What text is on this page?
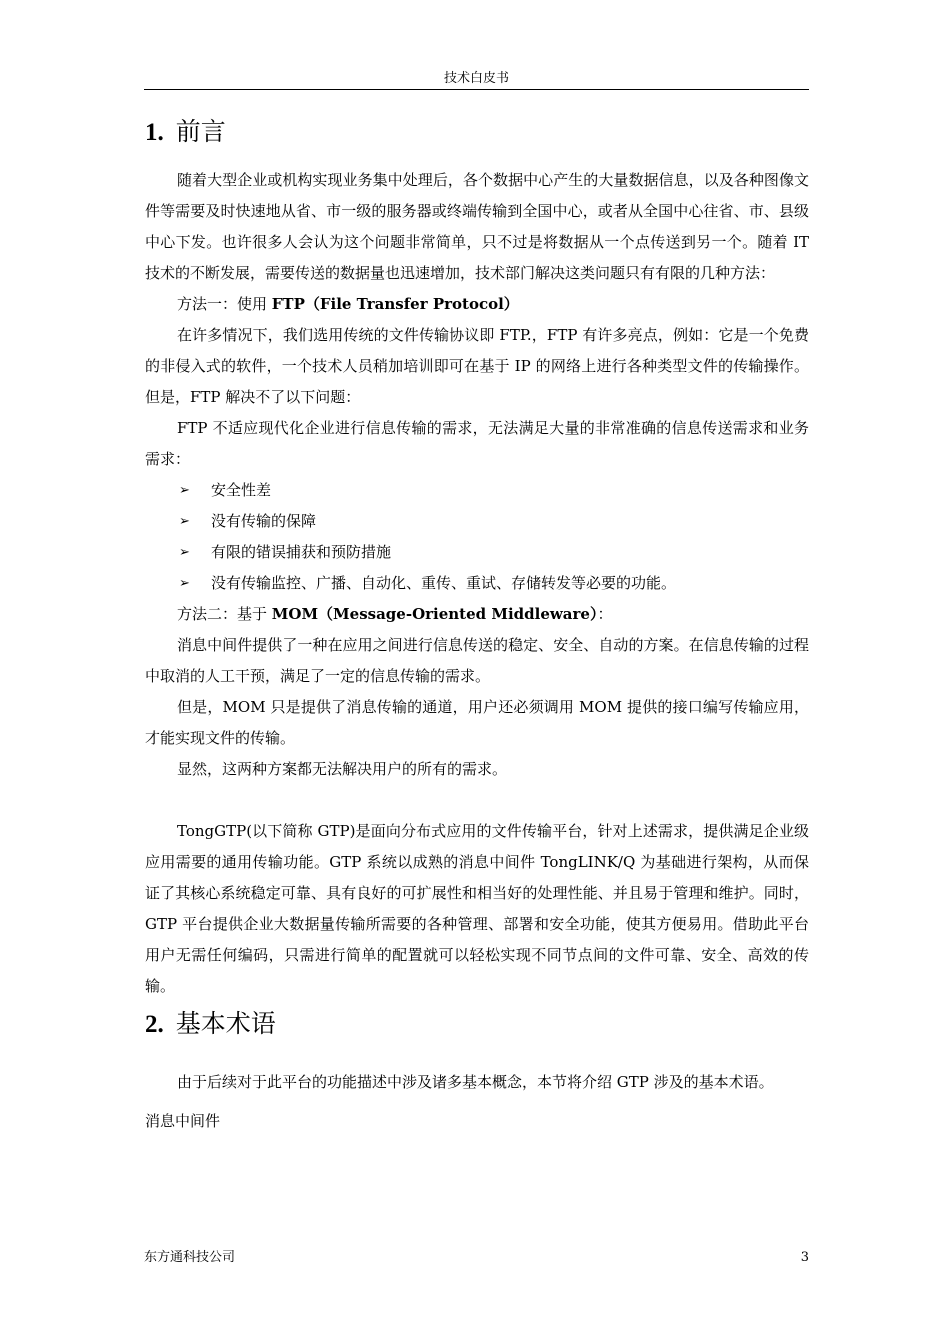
技术白皮书
1. 前言

随着大型企业或机构实现业务集中处理后，各个数据中心产生的大量数据信息，以及各种图像文件等需要及时快速地从省、市一级的服务器或终端传输到全国中心，或者从全国中心往省、市、县级中心下发。也许很多人会认为这个问题非常简单，只不过是将数据从一个点传送到另一个。随着 IT 技术的不断发展，需要传送的数据量也迅速增加，技术部门解决这类问题只有有限的几种方法：

方法一：使用 FTP（File Transfer Protocol）

在许多情况下，我们选用传统的文件传输协议即 FTP.，FTP 有许多亮点，例如：它是一个免费的非侵入式的软件，一个技术人员稍加培训即可在基于 IP 的网络上进行各种类型文件的传输操作。但是，FTP 解决不了以下问题：

FTP 不适应现代化企业进行信息传输的需求，无法满足大量的非常准确的信息传送需求和业务需求：

➢ 安全性差
➢ 没有传输的保障
➢ 有限的错误捕获和预防措施
➢ 没有传输监控、广播、自动化、重传、重试、存储转发等必要的功能。

方法二：基于 MOM（Message-Oriented Middleware）：

消息中间件提供了一种在应用之间进行信息传送的稳定、安全、自动的方案。在信息传输的过程中取消的人工干预，满足了一定的信息传输的需求。

但是，MOM 只是提供了消息传输的通道，用户还必须调用 MOM 提供的接口编写传输应用，才能实现文件的传输。

显然，这两种方案都无法解决用户的所有的需求。

TongGTP(以下简称 GTP)是面向分布式应用的文件传输平台，针对上述需求，提供满足企业级应用需要的通用传输功能。GTP 系统以成熟的消息中间件 TongLINK/Q 为基础进行架构，从而保证了其核心系统稳定可靠、具有良好的可扩展性和相当好的处理性能、并且易于管理和维护。同时，GTP 平台提供企业大数据量传输所需要的各种管理、部署和安全功能，使其方便易用。借助此平台用户无需任何编码，只需进行简单的配置就可以轻松实现不同节点间的文件可靠、安全、高效的传输。

2. 基本术语

由于后续对于此平台的功能描述中涉及诸多基本概念，本节将介绍 GTP 涉及的基本术语。

消息中间件

东方通科技公司	3
